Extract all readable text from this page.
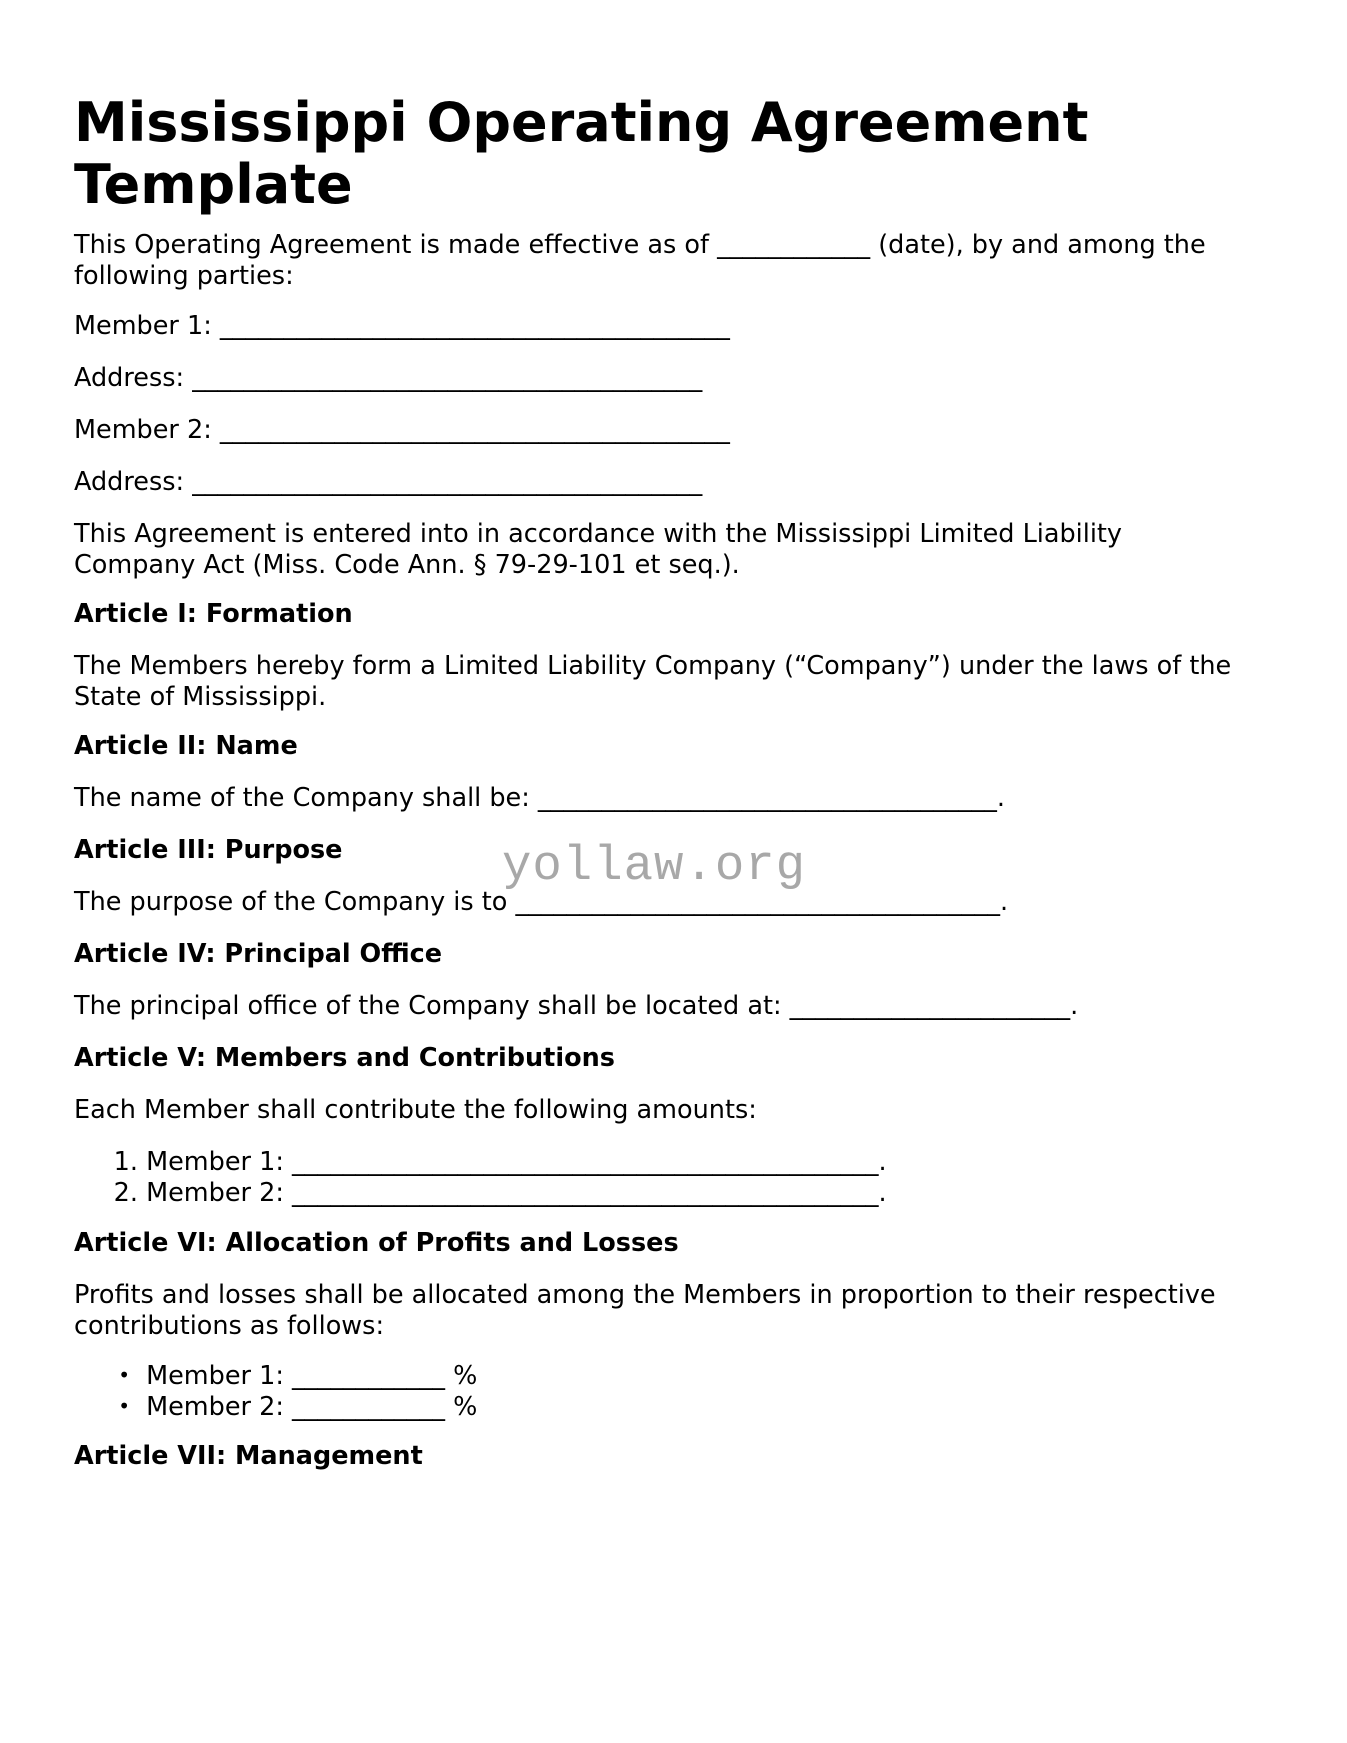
Mississippi Operating Agreement Template

This Operating Agreement is made effective as of ____________ (date), by and among the following parties:

Member 1: ________________________________________

Address: ________________________________________

Member 2: ________________________________________

Address: ________________________________________

This Agreement is entered into in accordance with the Mississippi Limited Liability Company Act (Miss. Code Ann. § 79-29-101 et seq.).

Article I: Formation

The Members hereby form a Limited Liability Company (“Company”) under the laws of the State of Mississippi.

Article II: Name

The name of the Company shall be: ____________________________________.

Article III: Purpose

The purpose of the Company is to ______________________________________.

Article IV: Principal Office

The principal office of the Company shall be located at: ______________________.

Article V: Members and Contributions

Each Member shall contribute the following amounts:

1. Member 1: ______________________________________________.

2. Member 2: ______________________________________________.

Article VI: Allocation of Profits and Losses

Profits and losses shall be allocated among the Members in proportion to their respective contributions as follows:

• Member 1: ____________ %

• Member 2: ____________ %

Article VII: Management

yollaw.org
